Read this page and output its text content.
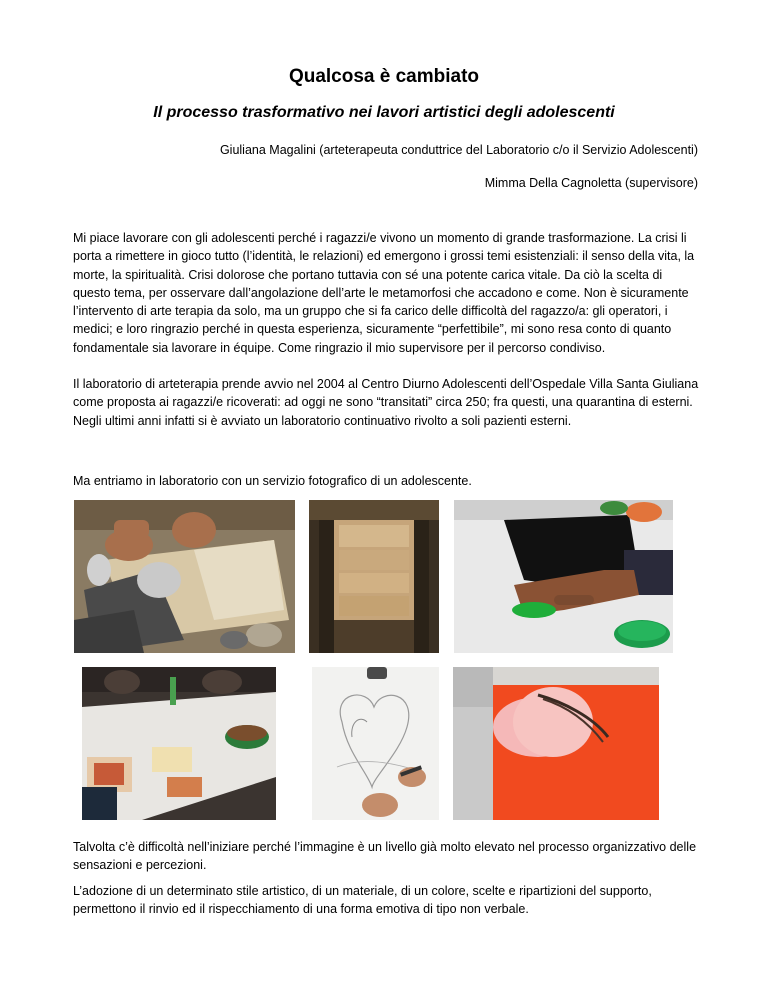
Qualcosa è cambiato
Il processo trasformativo nei lavori artistici degli adolescenti
Giuliana Magalini (arteterapeuta conduttrice del Laboratorio c/o il Servizio Adolescenti)
Mimma Della Cagnoletta (supervisore)

Mi piace lavorare con gli adolescenti perché i ragazzi/e vivono un momento di grande trasformazione. La crisi li porta a rimettere in gioco tutto (l’identità, le relazioni) ed emergono i grossi temi esistenziali: il senso della vita, la morte, la spiritualità. Crisi dolorose che portano tuttavia con sé una potente carica vitale. Da ciò la scelta di questo tema, per osservare dall’angolazione dell’arte le metamorfosi che accadono e come. Non è sicuramente l’intervento di arte terapia da solo, ma un gruppo che si fa carico delle difficoltà del ragazzo/a: gli operatori, i medici; e loro ringrazio perché in questa esperienza, sicuramente “perfettibile”, mi sono resa conto di quanto fondamentale sia lavorare in équipe. Come ringrazio il mio supervisore per il percorso condiviso.

Il laboratorio di arteterapia prende avvio nel 2004 al Centro Diurno Adolescenti dell’Ospedale Villa Santa Giuliana come proposta ai ragazzi/e ricoverati: ad oggi ne sono “transitati” circa 250; fra questi, una quarantina di esterni. Negli ultimi anni infatti si è avviato un laboratorio continuativo rivolto a soli pazienti esterni.

Ma entriamo in laboratorio con un servizio fotografico di un adolescente.

Talvolta c’è difficoltà nell’iniziare perché l’immagine è un livello già molto elevato nel processo organizzativo delle sensazioni e percezioni.

L’adozione di un determinato stile artistico, di un materiale, di un colore, scelte e ripartizioni del supporto, permettono il rinvio ed il rispecchiamento di una forma emotiva di tipo non verbale.
